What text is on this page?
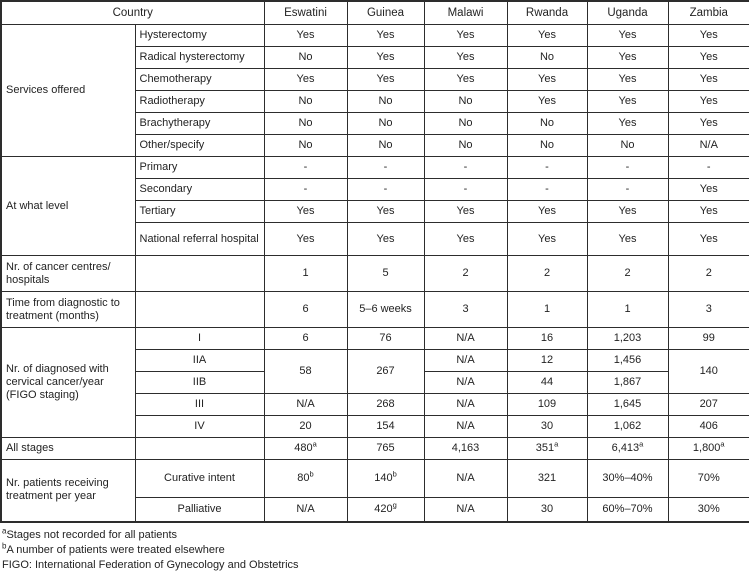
Country		Eswatini	Guinea	Malawi	Rwanda	Uganda	Zambia
Services offered	Hysterectomy	Yes	Yes	Yes	Yes	Yes	Yes
	Radical hysterectomy	No	Yes	Yes	No	Yes	Yes
	Chemotherapy	Yes	Yes	Yes	Yes	Yes	Yes
	Radiotherapy	No	No	No	Yes	Yes	Yes
	Brachytherapy	No	No	No	No	Yes	Yes
	Other/specify	No	No	No	No	No	N/A
At what level	Primary	-	-	-	-	-	-
	Secondary	-	-	-	-	-	Yes
	Tertiary	Yes	Yes	Yes	Yes	Yes	Yes
	National referral hospital	Yes	Yes	Yes	Yes	Yes	Yes
Nr. of cancer centres/​hospitals		1	5	2	2	2	2
Time from diagnostic to treatment (months)		6	5–6 weeks	3	1	1	3
Nr. of diagnosed with cervical cancer/​year (FIGO staging)	I	6	76	N/A	16	1,203	99
	IIA	58	267	N/A	12	1,456	140
	IIB			N/A	44	1,867	
	III	N/A	268	N/A	109	1,645	207
	IV	20	154	N/A	30	1,062	406
All stages		480$^a$	765	4,163	351$^a$	6,413$^a$	1,800$^a$
Nr. patients receiving treatment per year	Curative intent	80$^b$	140$^b$	N/A	321	30%–40%	70%
	Palliative	N/A	420$^g$	N/A	30	60%–70%	30%
$^a$Stages not recorded for all patients
$^b$A number of patients were treated elsewhere
FIGO: International Federation of Gynecology and Obstetrics
